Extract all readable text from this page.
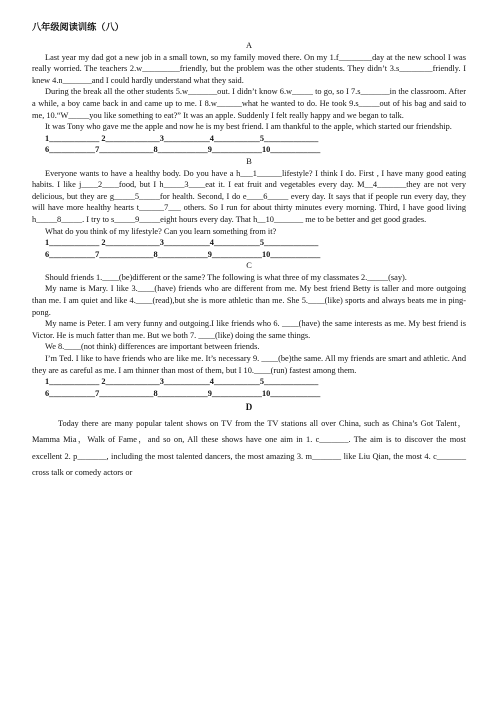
八年级阅读训练（八）

A

Last year my dad got a new job in a small town, so my family moved there. On my 1.f________day at the new school I was really worried. The teachers 2.w_________friendly, but the problem was the other students. They didn’t 3.s________friendly. I knew 4.n_______and I could hardly understand what they said.

During the break all the other students 5.w_______out. I didn’t know 6.w_____ to go, so I 7.s_______in the classroom. After a while, a boy came back in and came up to me. I 8.w______what he wanted to do. He took 9.s_____out of his bag and said to me, 10.“W_____you like something to eat?” It was an apple. Suddenly I felt really happy and we began to talk.

It was Tony who gave me the apple and now he is my best friend. I am thankful to the apple, which started our friendship.

1____________ 2_____________3___________4___________5_____________

6___________7_____________8____________9____________10____________

B

Everyone wants to have a healthy body. Do you have a h___1______lifestyle? I think I do. First , I have many good eating habits. I like j____2____food, but I h_____3____eat it. I eat fruit and vegetables every day. M__4_______they are not very delicious, but they are g_____5_____for health. Second, I do e____6_____ every day. It says that if people run every day, they will have more healthy hearts t______7___ others. So I run for about thirty minutes every morning. Third, I have good living h_____8_____. I try to s_____9_____eight hours every day. That h__10_______ me to be better and get good grades.

What do you think of my lifestyle? Can you learn something from it?

1____________ 2_____________3___________4___________5_____________

6___________7_____________8____________9____________10____________

C

Should friends 1.____(be)different or the same? The following is what three of my classmates 2._____(say).

My name is Mary. I like 3.____(have) friends who are different from me. My best friend Betty is taller and more outgoing than me. I am quiet and like 4.____(read),but she is more athletic than me. She 5.____(like) sports and always beats me in ping-pong.

My name is Peter. I am very funny and outgoing.I like friends who 6. ____(have) the same interests as me. My best friend is Victor. He is much fatter than me. But we both 7. ____(like) doing the same things.

We 8.____(not think) differences are important between friends.

I’m Ted. I like to have friends who are like me. It’s necessary 9. ____(be)the same. All my friends are smart and athletic. And they are as careful as me. I am thinner than most of them, but I 10.____(run) fastest among them.

1____________ 2_____________3___________4___________5_____________

6___________7_____________8____________9____________10____________

D

Today there are many popular talent shows on TV from the TV stations all over China, such as China’s Got Talent，Mamma Mia，Walk of Fame，and so on, All these shows have one aim in 1. c_______. The aim is to discover the most excellent 2. p_______, including the most talented dancers, the most amazing 3. m_______ like Liu Qian, the most 4. c_______ cross talk or comedy actors or
